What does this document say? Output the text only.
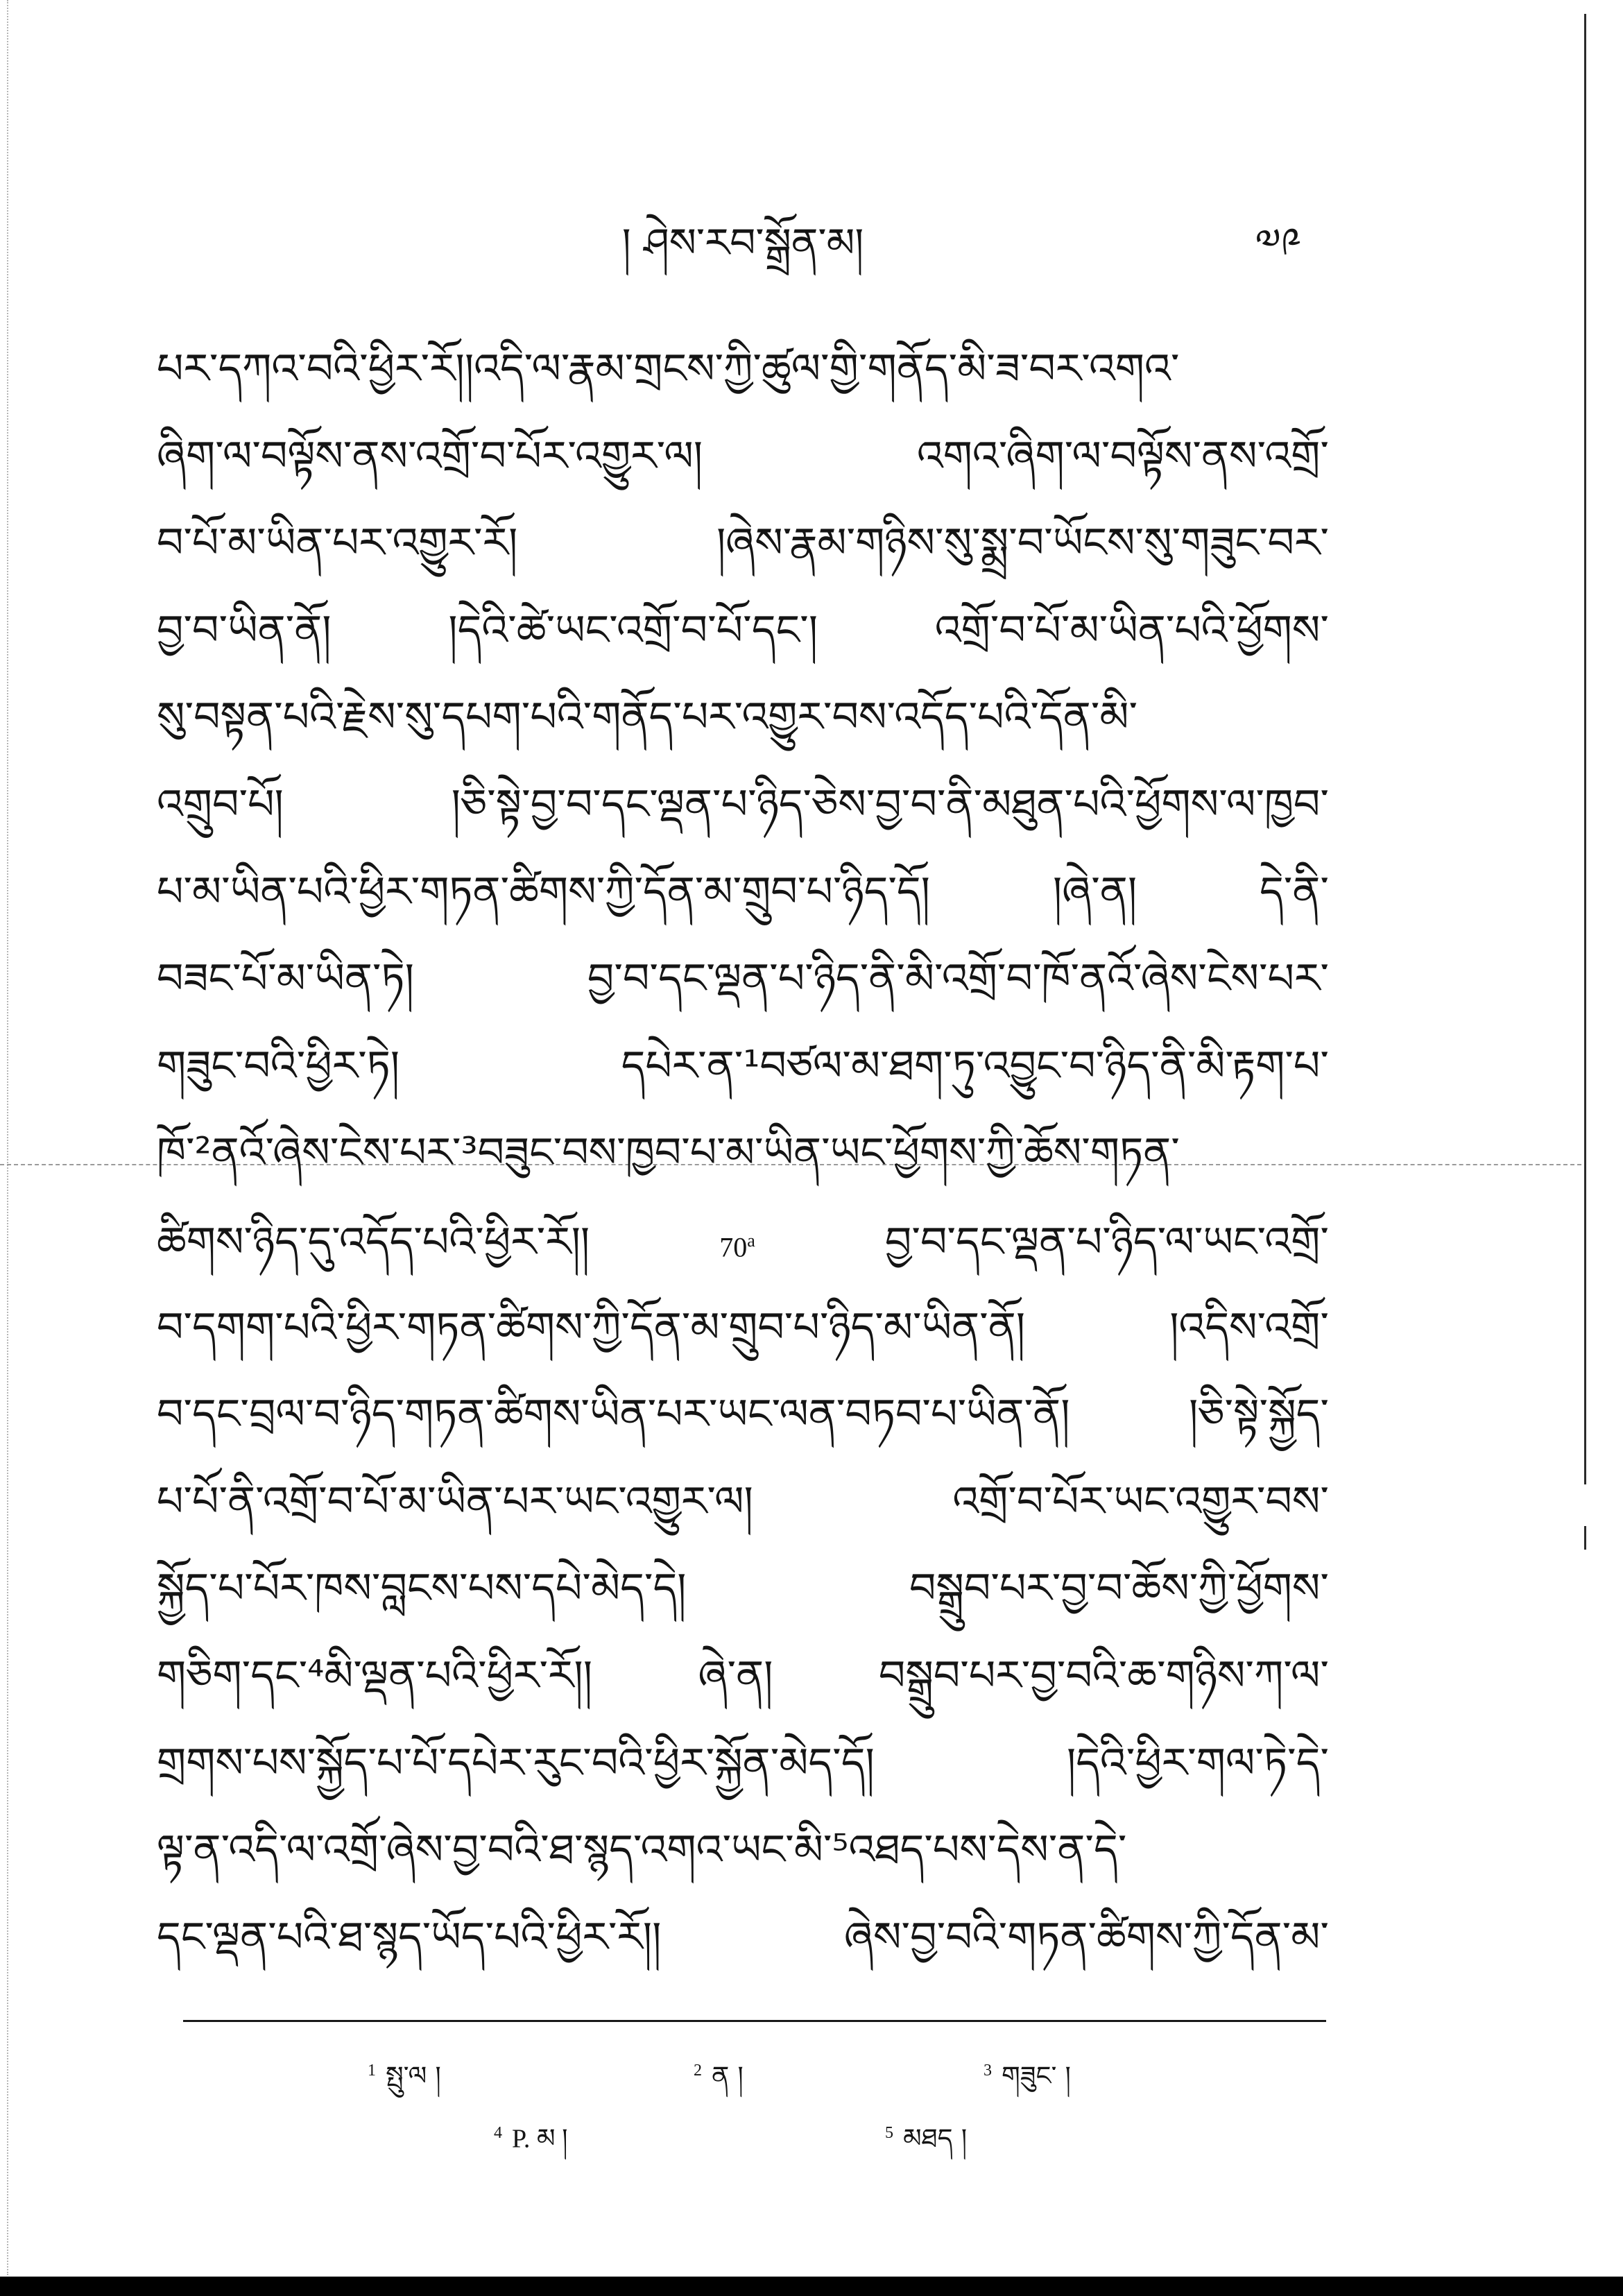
། ཤེས་རབ་སྒྲོན་མ།	༧༩
པར་དཀའ་བའི་ཕྱིར་རོ།།འདི་ལ་རྣམ་གྲངས་ཀྱི་ཚུལ་གྱི་གནོད་མི་ཟ་བར་འགའ་
ཞིག་ལ་བལྟོས་ནས་འགྲོ་བ་པོར་འགྱུར་ལ། འགའ་ཞིག་ལ་བལྟོས་ནས་འགྲོ་
བ་པོ་མ་ཡིན་པར་འགྱུར་རོ། །ཞེས་རྣམ་གཉིས་སུ་སྨྲ་བ་ཡོངས་སུ་གཟུང་བར་
བྱ་བ་ཡིན་ནོ། །དེའི་ཚེ་ཡང་འགྲོ་བ་པོ་དང་། འགྲོ་བ་པོ་མ་ཡིན་པའི་ཕྱོགས་
སུ་བསྟན་པའི་རྗེས་སུ་དཔག་པའི་གནོད་པར་འགྱུར་བས་འདོད་པའི་དོན་མི་
འགྲུབ་པོ། །ཅི་སྟེ་བྱ་བ་དང་ལྡན་པ་ཉིད་ཅེས་བྱ་བ་ནི་མཐུན་པའི་ཕྱོགས་ལ་ཁྱབ་
པ་མ་ཡིན་པའི་ཕྱིར་གཏན་ཚིགས་ཀྱི་དོན་མ་གྲུབ་པ་ཉིད་དོ། །ཞེ་ན། དེ་ནི་
བཟང་པོ་མ་ཡིན་ཏེ། བྱ་བ་དང་ལྡན་པ་ཉིད་ནི་མི་འགྲོ་བ་ཁོ་ནའོ་ཞེས་ངེས་པར་
གཟུང་བའི་ཕྱིར་ཏེ། དཔེར་ན་¹བཙལ་མ་ཐག་ཏུ་འབྱུང་བ་ཉིད་ནི་མི་རྟག་པ་
ཁོ་²ནའོ་ཞེས་ངེས་པར་³བཟུང་བས་ཁྱབ་པ་མ་ཡིན་ཡང་ཕྱོགས་ཀྱི་ཆོས་གཏན་
ཚིགས་ཉིད་དུ་འདོད་པའི་ཕྱིར་རོ།།	70$^a$	བྱ་བ་དང་ལྡན་པ་ཉིད་ལ་ཡང་འགྲོ་
བ་དགག་པའི་ཕྱིར་གཏན་ཚིགས་ཀྱི་དོན་མ་གྲུབ་པ་ཉིད་མ་ཡིན་ནོ། །འདིས་འགྲོ་
བ་དང་བྲལ་བ་ཉིད་གཏན་ཚིགས་ཡིན་པར་ཡང་ལན་བཏབ་པ་ཡིན་ནོ། །ཅི་སྟེ་སྐྱོད་
པ་པོ་ནི་འགྲོ་བ་པོ་མ་ཡིན་པར་ཡང་འགྱུར་ལ། འགྲོ་བ་པོར་ཡང་འགྱུར་བས་
སྐྱོད་པ་པོར་ཁས་བླངས་པས་དཔེ་མེད་དེ། བསྒྲུབ་པར་བྱ་བ་ཆོས་ཀྱི་ཕྱོགས་
གཅིག་དང་⁴མི་ལྡན་པའི་ཕྱིར་རོ།། ཞེ་ན། བསྒྲུབ་པར་བྱ་བའི་ཆ་གཉིས་ཀ་ལ་
གྲགས་པས་སྐྱོད་པ་པོ་དཔེར་རུང་བའི་ཕྱིར་སྐྱོན་མེད་དོ། །དེའི་ཕྱིར་གལ་ཏེ་དེ་
ལྟ་ན་འདི་ལ་འགྲོ་ཞེས་བྱ་བའི་ཐ་སྙད་འགའ་ཡང་མི་⁵འཐད་པས་དེས་ན་དེ་
དང་ལྡན་པའི་ཐ་སྙད་ཡོད་པའི་ཕྱིར་རོ།། ཞེས་བྱ་བའི་གཏན་ཚིགས་ཀྱི་དོན་མ་
$^1$ སྤུ་ལ །	$^2$ ན །	$^3$ གཟུང་ །
$^4$ P. མ །	$^5$ མཐད །
